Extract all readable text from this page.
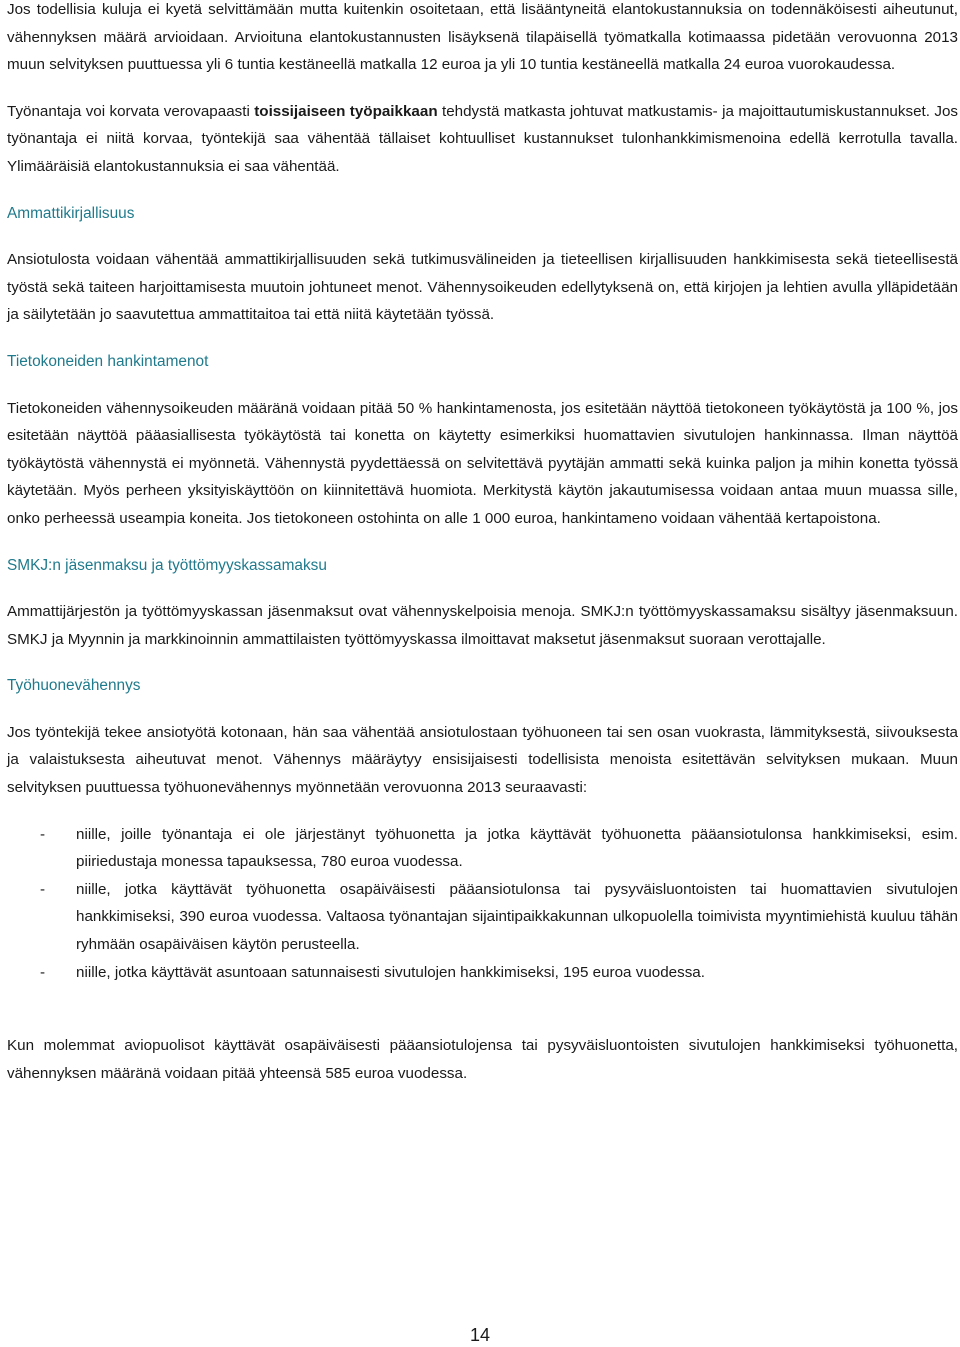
Jos todellisia kuluja ei kyetä selvittämään mutta kuitenkin osoitetaan, että lisääntyneitä elantokustannuksia on todennäköisesti aiheutunut, vähennyksen määrä arvioidaan. Arvioituna elantokustannusten lisäyksenä tilapäisellä työmatkalla kotimaassa pidetään verovuonna 2013 muun selvityksen puuttuessa yli 6 tuntia kestäneellä matkalla 12 euroa ja yli 10 tuntia kestäneellä matkalla 24 euroa vuorokaudessa.

Työnantaja voi korvata verovapaasti toissijaiseen työpaikkaan tehdystä matkasta johtuvat matkustamis- ja majoittautumiskustannukset. Jos työnantaja ei niitä korvaa, työntekijä saa vähentää tällaiset kohtuulliset kustannukset tulonhankkimismenoina edellä kerrotulla tavalla. Ylimääräisiä elantokustannuksia ei saa vähentää.

Ammattikirjallisuus

Ansiotulosta voidaan vähentää ammattikirjallisuuden sekä tutkimusvälineiden ja tieteellisen kirjallisuuden hankkimisesta sekä tieteellisestä työstä sekä taiteen harjoittamisesta muutoin johtuneet menot. Vähennysoikeuden edellytyksenä on, että kirjojen ja lehtien avulla ylläpidetään ja säilytetään jo saavutettua ammattitaitoa tai että niitä käytetään työssä.

Tietokoneiden hankintamenot

Tietokoneiden vähennysoikeuden määränä voidaan pitää 50 % hankintamenosta, jos esitetään näyttöä tietokoneen työkäytöstä ja 100 %, jos esitetään näyttöä pääasiallisesta työkäytöstä tai konetta on käytetty esimerkiksi huomattavien sivutulojen hankinnassa. Ilman näyttöä työkäytöstä vähennystä ei myönnetä. Vähennystä pyydettäessä on selvitettävä pyytäjän ammatti sekä kuinka paljon ja mihin konetta työssä käytetään. Myös perheen yksityiskäyttöön on kiinnitettävä huomiota. Merkitystä käytön jakautumisessa voidaan antaa muun muassa sille, onko perheessä useampia koneita. Jos tietokoneen ostohinta on alle 1 000 euroa, hankintameno voidaan vähentää kertapoistona.

SMKJ:n jäsenmaksu ja työttömyyskassamaksu

Ammattijärjestön ja työttömyyskassan jäsenmaksut ovat vähennyskelpoisia menoja. SMKJ:n työttömyyskassamaksu sisältyy jäsenmaksuun. SMKJ ja Myynnin ja markkinoinnin ammattilaisten työttömyyskassa ilmoittavat maksetut jäsenmaksut suoraan verottajalle.

Työhuonevähennys

Jos työntekijä tekee ansiotyötä kotonaan, hän saa vähentää ansiotulostaan työhuoneen tai sen osan vuokrasta, lämmityksestä, siivouksesta ja valaistuksesta aiheutuvat menot. Vähennys määräytyy ensisijaisesti todellisista menoista esitettävän selvityksen mukaan. Muun selvityksen puuttuessa työhuonevähennys myönnetään verovuonna 2013 seuraavasti:

- niille, joille työnantaja ei ole järjestänyt työhuonetta ja jotka käyttävät työhuonetta pääansiotulonsa hankkimiseksi, esim. piiriedustaja monessa tapauksessa, 780 euroa vuodessa.
- niille, jotka käyttävät työhuonetta osapäiväisesti pääansiotulonsa tai pysyväisluontoisten tai huomattavien sivutulojen hankkimiseksi, 390 euroa vuodessa. Valtaosa työnantajan sijaintipaikkakunnan ulkopuolella toimivista myyntimiehistä kuuluu tähän ryhmään osapäiväisen käytön perusteella.
- niille, jotka käyttävät asuntoaan satunnaisesti sivutulojen hankkimiseksi, 195 euroa vuodessa.

Kun molemmat aviopuolisot käyttävät osapäiväisesti pääansiotulojensa tai pysyväisluontoisten sivutulojen hankkimiseksi työhuonetta, vähennyksen määränä voidaan pitää yhteensä 585 euroa vuodessa.

14
